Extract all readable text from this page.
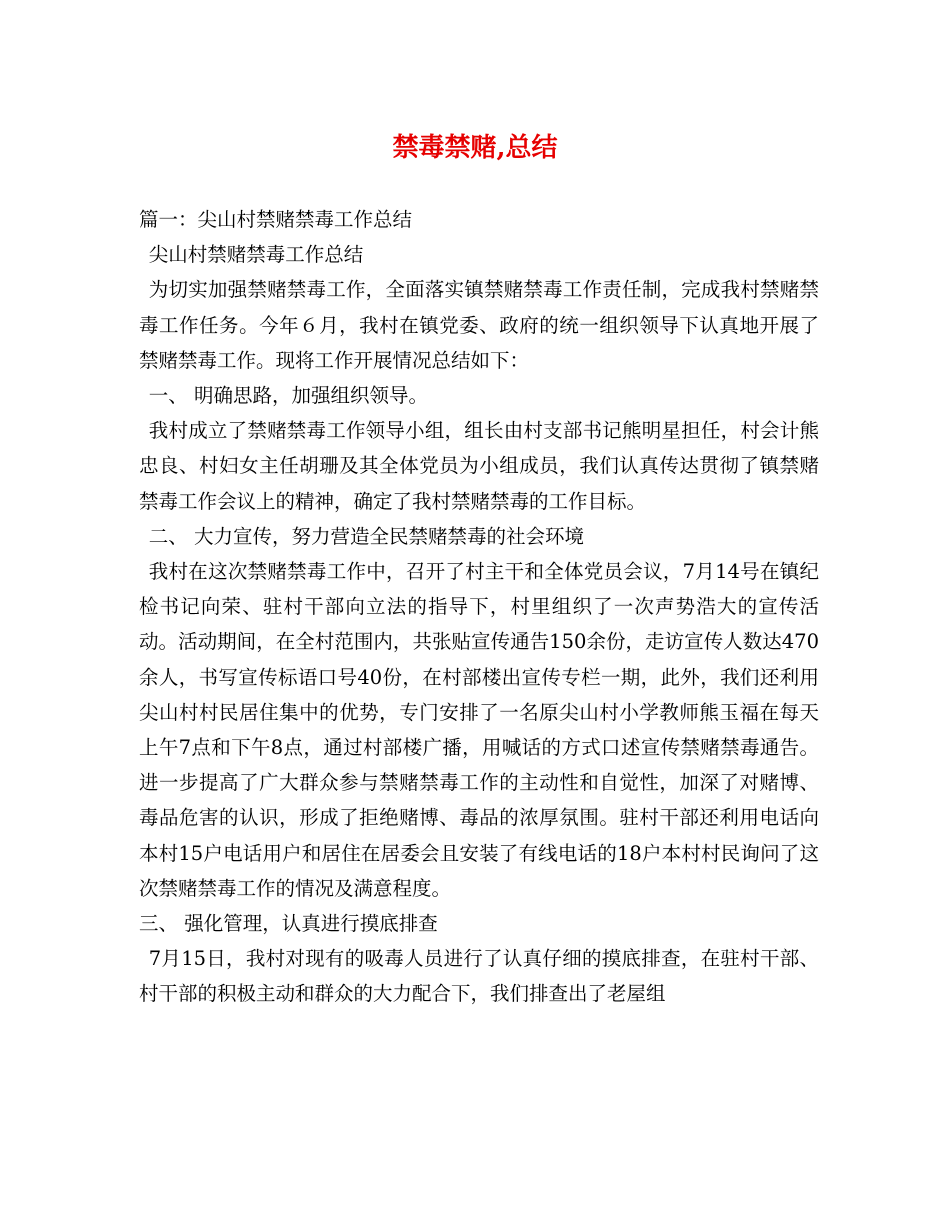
禁毒禁赌,总结

篇一：尖山村禁赌禁毒工作总结

尖山村禁赌禁毒工作总结

为切实加强禁赌禁毒工作，全面落实镇禁赌禁毒工作责任制，完成我村禁赌禁毒工作任务。今年６月，我村在镇党委、政府的统一组织领导下认真地开展了禁赌禁毒工作。现将工作开展情况总结如下：

一、 明确思路，加强组织领导。

我村成立了禁赌禁毒工作领导小组，组长由村支部书记熊明星担任，村会计熊忠良、村妇女主任胡珊及其全体党员为小组成员，我们认真传达贯彻了镇禁赌禁毒工作会议上的精神，确定了我村禁赌禁毒的工作目标。

二、 大力宣传，努力营造全民禁赌禁毒的社会环境

我村在这次禁赌禁毒工作中，召开了村主干和全体党员会议，7月14号在镇纪检书记向荣、驻村干部向立法的指导下，村里组织了一次声势浩大的宣传活动。活动期间，在全村范围内，共张贴宣传通告150余份，走访宣传人数达470余人，书写宣传标语口号40份，在村部楼出宣传专栏一期，此外，我们还利用尖山村村民居住集中的优势，专门安排了一名原尖山村小学教师熊玉福在每天上午7点和下午8点，通过村部楼广播，用喊话的方式口述宣传禁赌禁毒通告。进一步提高了广大群众参与禁赌禁毒工作的主动性和自觉性，加深了对赌博、毒品危害的认识，形成了拒绝赌博、毒品的浓厚氛围。驻村干部还利用电话向本村15户电话用户和居住在居委会且安装了有线电话的18户本村村民询问了这次禁赌禁毒工作的情况及满意程度。

三、 强化管理，认真进行摸底排查

7月15日，我村对现有的吸毒人员进行了认真仔细的摸底排查，在驻村干部、村干部的积极主动和群众的大力配合下，我们排查出了老屋组
